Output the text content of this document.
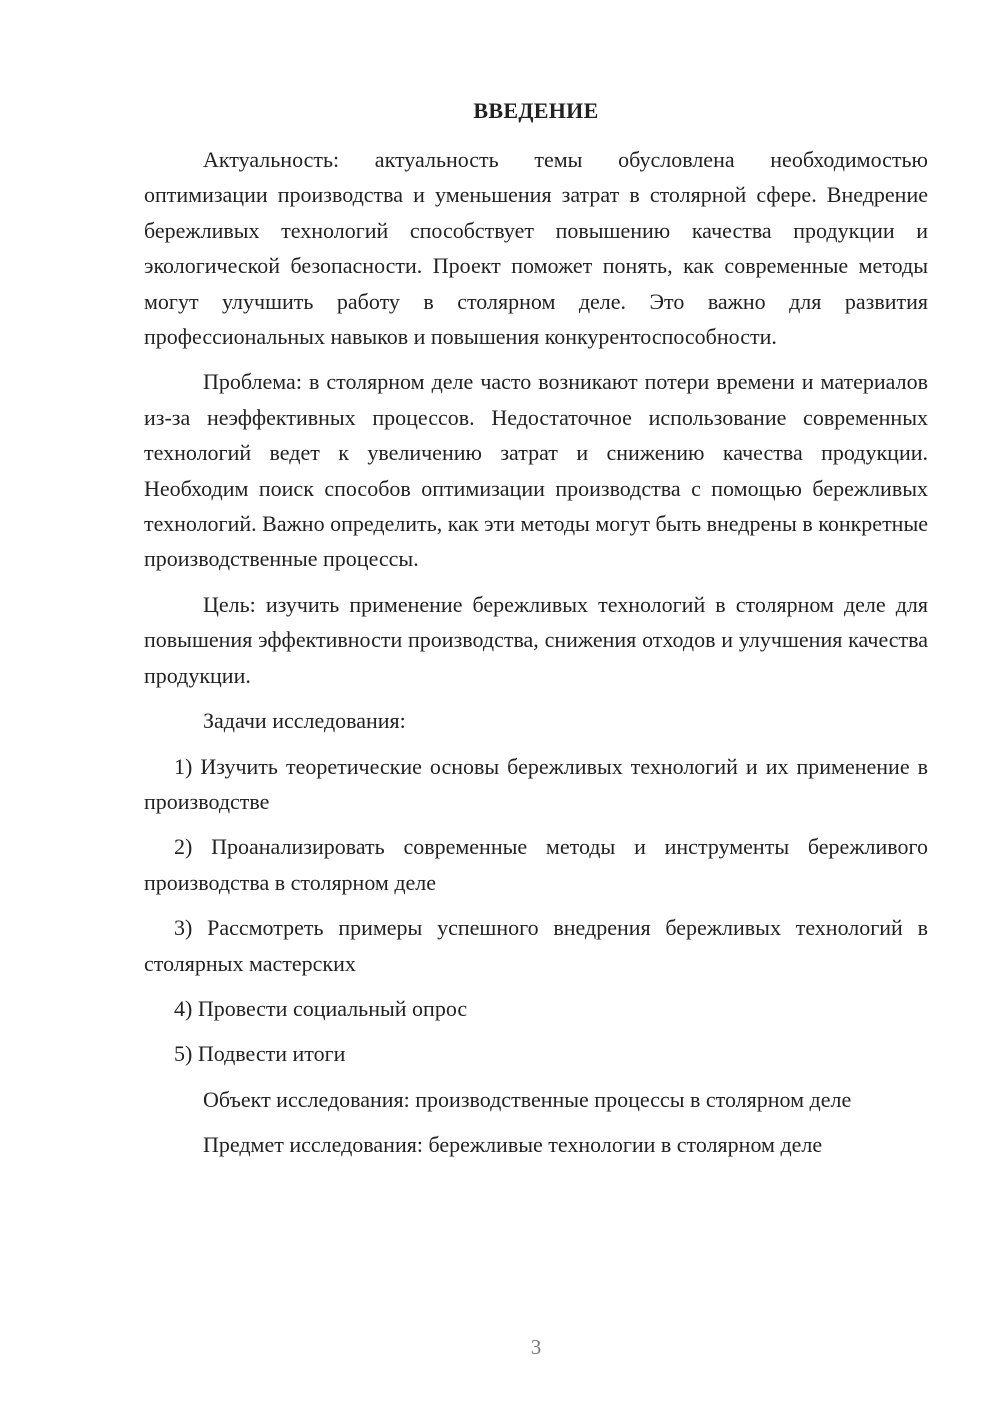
ВВЕДЕНИЕ

Актуальность: актуальность темы обусловлена необходимостью оптимизации производства и уменьшения затрат в столярной сфере. Внедрение бережливых технологий способствует повышению качества продукции и экологической безопасности. Проект поможет понять, как современные методы могут улучшить работу в столярном деле. Это важно для развития профессиональных навыков и повышения конкурентоспособности.

Проблема: в столярном деле часто возникают потери времени и материалов из-за неэффективных процессов. Недостаточное использование современных технологий ведет к увеличению затрат и снижению качества продукции. Необходим поиск способов оптимизации производства с помощью бережливых технологий. Важно определить, как эти методы могут быть внедрены в конкретные производственные процессы.

Цель: изучить применение бережливых технологий в столярном деле для повышения эффективности производства, снижения отходов и улучшения качества продукции.

Задачи исследования:

1) Изучить теоретические основы бережливых технологий и их применение в производстве

2) Проанализировать современные методы и инструменты бережливого производства в столярном деле

3) Рассмотреть примеры успешного внедрения бережливых технологий в столярных мастерских

4) Провести социальный опрос

5) Подвести итоги

Объект исследования: производственные процессы в столярном деле

Предмет исследования: бережливые технологии в столярном деле

3
